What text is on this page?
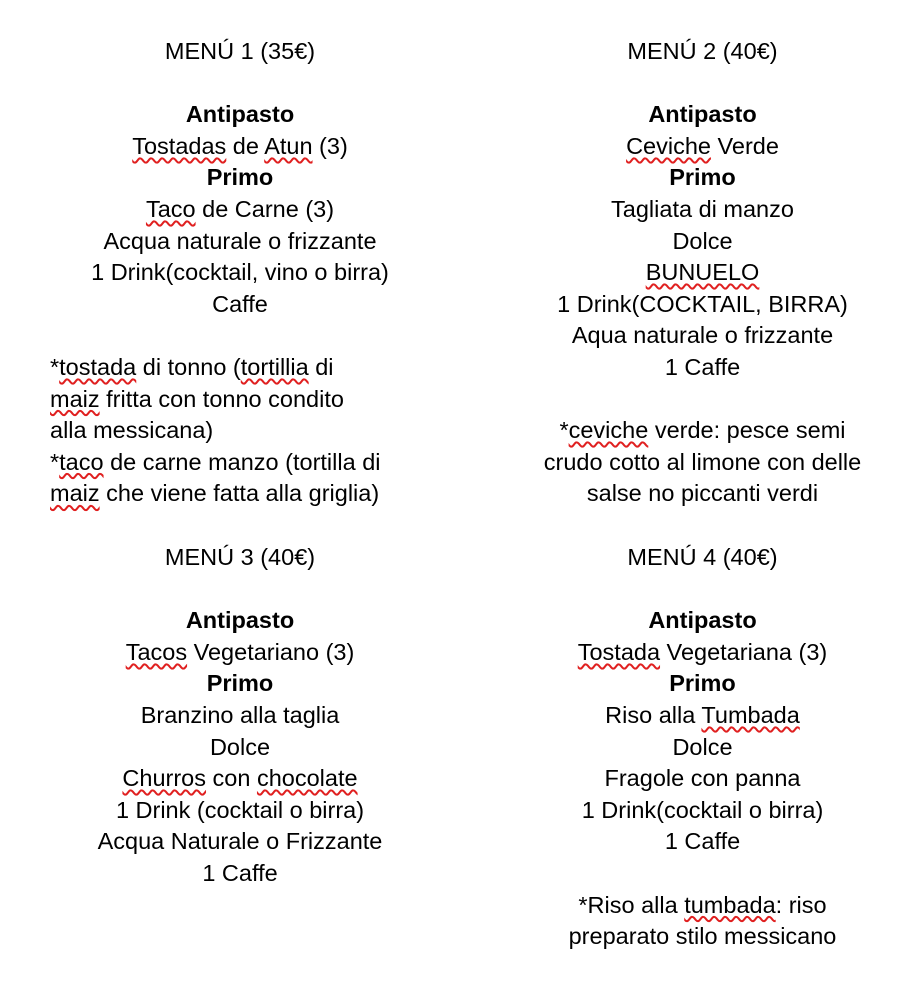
MENÚ 1 (35€)
Antipasto
Tostadas de Atun (3)
Primo
Taco de Carne (3)
Acqua naturale o frizzante
1 Drink(cocktail, vino o birra)
Caffe
*tostada di tonno (tortillia di
maiz fritta con tonno condito
alla messicana)
*taco de carne manzo (tortilla di
maiz che viene fatta alla griglia)
MENÚ 2 (40€)
Antipasto
Ceviche Verde
Primo
Tagliata di manzo
Dolce
BUNUELO
1 Drink(COCKTAIL, BIRRA)
Aqua naturale o frizzante
1 Caffe
*ceviche verde: pesce semi
crudo cotto al limone con delle
salse no piccanti verdi
MENÚ 3 (40€)
Antipasto
Tacos Vegetariano (3)
Primo
Branzino alla taglia
Dolce
Churros con chocolate
1 Drink (cocktail o birra)
Acqua Naturale o Frizzante
1 Caffe
MENÚ 4 (40€)
Antipasto
Tostada Vegetariana (3)
Primo
Riso alla Tumbada
Dolce
Fragole con panna
1 Drink(cocktail o birra)
1 Caffe
*Riso alla tumbada: riso
preparato stilo messicano
